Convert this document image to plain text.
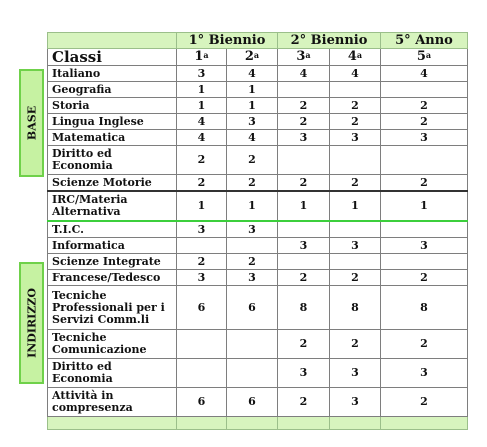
BASE
INDIRIZZO
	1° Biennio		2° Biennio		5° Anno
Classi	1$^a$	2$^a$	3$^a$	4$^a$	5$^a$
Italiano	3	4	4	4	4
Geografia	1	1			
Storia	1	1	2	2	2
Lingua Inglese	4	3	2	2	2
Matematica	4	4	3	3	3
Diritto ed Economia	2	2			
Scienze Motorie	2	2	2	2	2
IRC/Materia Alternativa	1	1	1	1	1
T.I.C.	3	3			
Informatica			3	3	3
Scienze Integrate	2	2			
Francese/Tedesco	3	3	2	2	2
Tecniche Professionali per i Servizi Comm.li	6	6	8	8	8
Tecniche Comunicazione			2	2	2
Diritto ed Economia			3	3	3
Attività in compresenza	6	6	2	3	2
